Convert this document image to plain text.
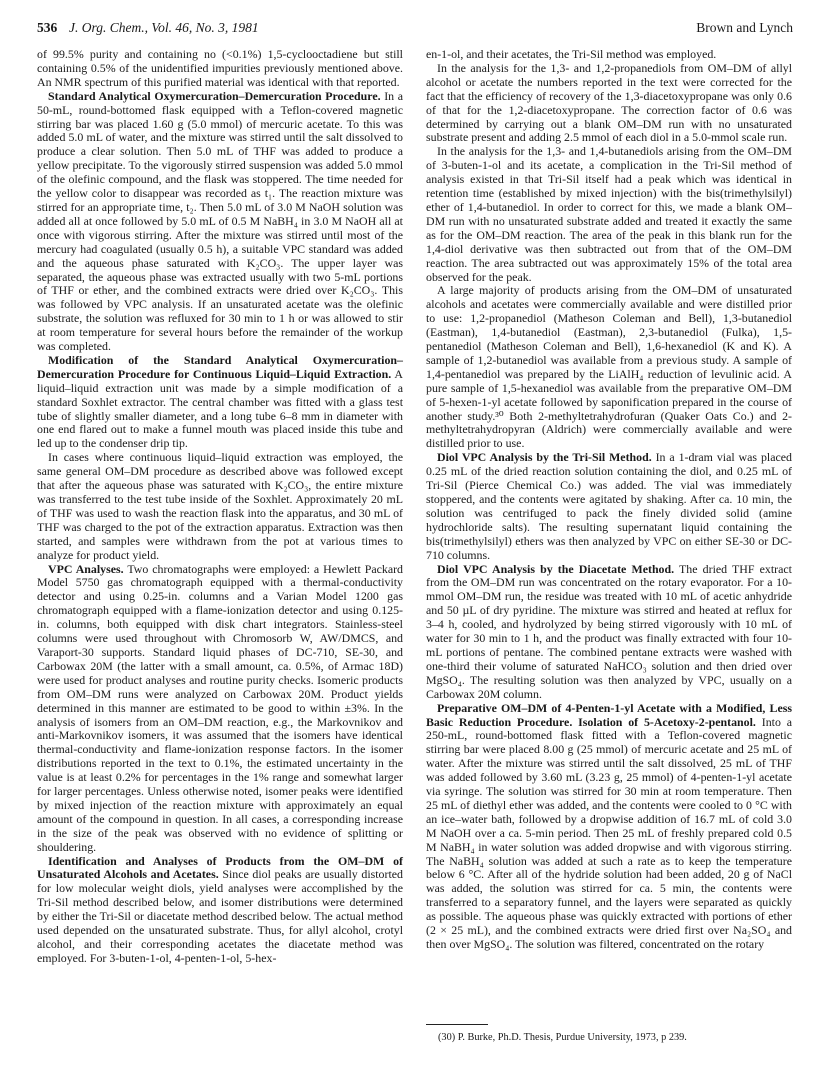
536 J. Org. Chem., Vol. 46, No. 3, 1981	Brown and Lynch

of 99.5% purity and containing no (<0.1%) 1,5-cyclooctadiene but still containing 0.5% of the unidentified impurities previously mentioned above. An NMR spectrum of this purified material was identical with that reported.

Standard Analytical Oxymercuration–Demercuration Procedure. In a 50-mL, round-bottomed flask equipped with a Teflon-covered magnetic stirring bar was placed 1.60 g (5.0 mmol) of mercuric acetate. To this was added 5.0 mL of water, and the mixture was stirred until the salt dissolved to produce a clear solution. Then 5.0 mL of THF was added to produce a yellow precipitate. To the vigorously stirred suspension was added 5.0 mmol of the olefinic compound, and the flask was stoppered. The time needed for the yellow color to disappear was recorded as t₁. The reaction mixture was stirred for an appropriate time, t₂. Then 5.0 mL of 3.0 M NaOH solution was added all at once followed by 5.0 mL of 0.5 M NaBH₄ in 3.0 M NaOH all at once with vigorous stirring. After the mixture was stirred until most of the mercury had coagulated (usually 0.5 h), a suitable VPC standard was added and the aqueous phase saturated with K₂CO₃. The upper layer was separated, the aqueous phase was extracted usually with two 5-mL portions of THF or ether, and the combined extracts were dried over K₂CO₃. This was followed by VPC analysis. If an unsaturated acetate was the olefinic substrate, the solution was refluxed for 30 min to 1 h or was allowed to stir at room temperature for several hours before the remainder of the workup was completed.

Modification of the Standard Analytical Oxymercuration–Demercuration Procedure for Continuous Liquid–Liquid Extraction. A liquid–liquid extraction unit was made by a simple modification of a standard Soxhlet extractor. The central chamber was fitted with a glass test tube of slightly smaller diameter, and a long tube 6–8 mm in diameter with one end flared out to make a funnel mouth was placed inside this tube and led up to the condenser drip tip.

In cases where continuous liquid–liquid extraction was employed, the same general OM–DM procedure as described above was followed except that after the aqueous phase was saturated with K₂CO₃, the entire mixture was transferred to the test tube inside of the Soxhlet. Approximately 20 mL of THF was used to wash the reaction flask into the apparatus, and 30 mL of THF was charged to the pot of the extraction apparatus. Extraction was then started, and samples were withdrawn from the pot at various times to analyze for product yield.

VPC Analyses. Two chromatographs were employed: a Hewlett Packard Model 5750 gas chromatograph equipped with a thermal-conductivity detector and using 0.25-in. columns and a Varian Model 1200 gas chromatograph equipped with a flame-ionization detector and using 0.125-in. columns, both equipped with disk chart integrators. Stainless-steel columns were used throughout with Chromosorb W, AW/DMCS, and Varaport-30 supports. Standard liquid phases of DC-710, SE-30, and Carbowax 20M (the latter with a small amount, ca. 0.5%, of Armac 18D) were used for product analyses and routine purity checks. Isomeric products from OM–DM runs were analyzed on Carbowax 20M. Product yields determined in this manner are estimated to be good to within ±3%. In the analysis of isomers from an OM–DM reaction, e.g., the Markovnikov and anti-Markovnikov isomers, it was assumed that the isomers have identical thermal-conductivity and flame-ionization response factors. In the isomer distributions reported in the text to 0.1%, the estimated uncertainty in the value is at least 0.2% for percentages in the 1% range and somewhat larger for larger percentages. Unless otherwise noted, isomer peaks were identified by mixed injection of the reaction mixture with approximately an equal amount of the compound in question. In all cases, a corresponding increase in the size of the peak was observed with no evidence of splitting or shouldering.

Identification and Analyses of Products from the OM–DM of Unsaturated Alcohols and Acetates. Since diol peaks are usually distorted for low molecular weight diols, yield analyses were accomplished by the Tri-Sil method described below, and isomer distributions were determined by either the Tri-Sil or diacetate method described below. The actual method used depended on the unsaturated substrate. Thus, for allyl alcohol, crotyl alcohol, and their corresponding acetates the diacetate method was employed. For 3-buten-1-ol, 4-penten-1-ol, 5-hex-

en-1-ol, and their acetates, the Tri-Sil method was employed.

In the analysis for the 1,3- and 1,2-propanediols from OM–DM of allyl alcohol or acetate the numbers reported in the text were corrected for the fact that the efficiency of recovery of the 1,3-diacetoxypropane was only 0.6 of that for the 1,2-diacetoxypropane. The correction factor of 0.6 was determined by carrying out a blank OM–DM run with no unsaturated substrate present and adding 2.5 mmol of each diol in a 5.0-mmol scale run.

In the analysis for the 1,3- and 1,4-butanediols arising from the OM–DM of 3-buten-1-ol and its acetate, a complication in the Tri-Sil method of analysis existed in that Tri-Sil itself had a peak which was identical in retention time (established by mixed injection) with the bis(trimethylsilyl) ether of 1,4-butanediol. In order to correct for this, we made a blank OM–DM run with no unsaturated substrate added and treated it exactly the same as for the OM–DM reaction. The area of the peak in this blank run for the 1,4-diol derivative was then subtracted out from that of the OM–DM reaction. The area subtracted out was approximately 15% of the total area observed for the peak.

A large majority of products arising from the OM–DM of unsaturated alcohols and acetates were commercially available and were distilled prior to use: 1,2-propanediol (Matheson Coleman and Bell), 1,3-butanediol (Eastman), 1,4-butanediol (Eastman), 2,3-butanediol (Fulka), 1,5-pentanediol (Matheson Coleman and Bell), 1,6-hexanediol (K and K). A sample of 1,2-butanediol was available from a previous study. A sample of 1,4-pentanediol was prepared by the LiAlH₄ reduction of levulinic acid. A pure sample of 1,5-hexanediol was available from the preparative OM–DM of 5-hexen-1-yl acetate followed by saponification prepared in the course of another study.³⁰ Both 2-methyltetrahydrofuran (Quaker Oats Co.) and 2-methyltetrahydropyran (Aldrich) were commercially available and were distilled prior to use.

Diol VPC Analysis by the Tri-Sil Method. In a 1-dram vial was placed 0.25 mL of the dried reaction solution containing the diol, and 0.25 mL of Tri-Sil (Pierce Chemical Co.) was added. The vial was immediately stoppered, and the contents were agitated by shaking. After ca. 10 min, the solution was centrifuged to pack the finely divided solid (amine hydrochloride salts). The resulting supernatant liquid containing the bis(trimethylsilyl) ethers was then analyzed by VPC on either SE-30 or DC-710 columns.

Diol VPC Analysis by the Diacetate Method. The dried THF extract from the OM–DM run was concentrated on the rotary evaporator. For a 10-mmol OM–DM run, the residue was treated with 10 mL of acetic anhydride and 50 µL of dry pyridine. The mixture was stirred and heated at reflux for 3–4 h, cooled, and hydrolyzed by being stirred vigorously with 10 mL of water for 30 min to 1 h, and the product was finally extracted with four 10-mL portions of pentane. The combined pentane extracts were washed with one-third their volume of saturated NaHCO₃ solution and then dried over MgSO₄. The resulting solution was then analyzed by VPC, usually on a Carbowax 20M column.

Preparative OM–DM of 4-Penten-1-yl Acetate with a Modified, Less Basic Reduction Procedure. Isolation of 5-Acetoxy-2-pentanol. Into a 250-mL, round-bottomed flask fitted with a Teflon-covered magnetic stirring bar were placed 8.00 g (25 mmol) of mercuric acetate and 25 mL of water. After the mixture was stirred until the salt dissolved, 25 mL of THF was added followed by 3.60 mL (3.23 g, 25 mmol) of 4-penten-1-yl acetate via syringe. The solution was stirred for 30 min at room temperature. Then 25 mL of diethyl ether was added, and the contents were cooled to 0 °C with an ice–water bath, followed by a dropwise addition of 16.7 mL of cold 3.0 M NaOH over a ca. 5-min period. Then 25 mL of freshly prepared cold 0.5 M NaBH₄ in water solution was added dropwise and with vigorous stirring. The NaBH₄ solution was added at such a rate as to keep the temperature below 6 °C. After all of the hydride solution had been added, 20 g of NaCl was added, the solution was stirred for ca. 5 min, the contents were transferred to a separatory funnel, and the layers were separated as quickly as possible. The aqueous phase was quickly extracted with portions of ether (2 × 25 mL), and the combined extracts were dried first over Na₂SO₄ and then over MgSO₄. The solution was filtered, concentrated on the rotary

(30) P. Burke, Ph.D. Thesis, Purdue University, 1973, p 239.
